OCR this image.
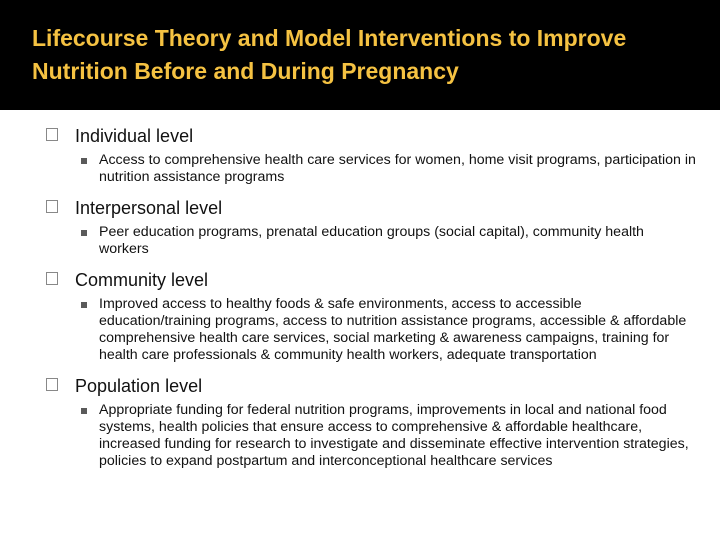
Lifecourse Theory and Model Interventions to Improve Nutrition Before and During Pregnancy
Individual level
Access to comprehensive health care services for women, home visit programs, participation in nutrition assistance programs
Interpersonal level
Peer education programs, prenatal education groups (social capital), community health workers
Community level
Improved access to healthy foods & safe environments, access to accessible education/training programs, access to nutrition assistance programs, accessible & affordable comprehensive health care services, social marketing & awareness campaigns, training for health care professionals & community health workers, adequate transportation
Population level
Appropriate funding for federal nutrition programs, improvements in local and national food systems, health policies that ensure access to comprehensive & affordable healthcare, increased funding for research to investigate and disseminate effective intervention strategies, policies to expand postpartum and interconceptional healthcare services
